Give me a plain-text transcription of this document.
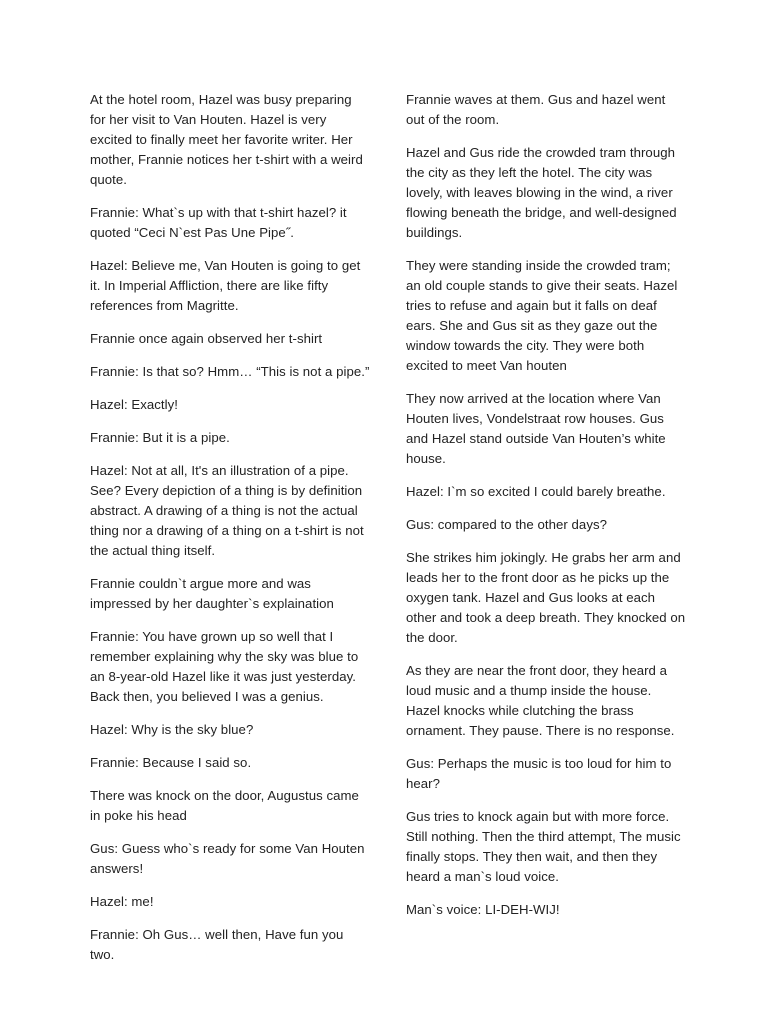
At the hotel room, Hazel was busy preparing for her visit to Van Houten. Hazel is very excited to finally meet her favorite writer. Her mother, Frannie notices her t-shirt with a weird quote.

Frannie: What`s up with that t-shirt hazel? it quoted “Ceci N`est Pas Une Pipe˝.

Hazel: Believe me, Van Houten is going to get it. In Imperial Affliction, there are like fifty references from Magritte.

Frannie once again observed her t-shirt

Frannie: Is that so? Hmm… “This is not a pipe.”

Hazel: Exactly!

Frannie: But it is a pipe.

Hazel: Not at all, It's an illustration of a pipe. See? Every depiction of a thing is by definition abstract. A drawing of a thing is not the actual thing nor a drawing of a thing on a t-shirt is not the actual thing itself.

Frannie couldn`t argue more and was impressed by her daughter`s explaination

Frannie: You have grown up so well that I remember explaining why the sky was blue to an 8-year-old Hazel like it was just yesterday. Back then, you believed I was a genius.

Hazel: Why is the sky blue?

Frannie: Because I said so.

There was knock on the door, Augustus came in poke his head

Gus: Guess who`s ready for some Van Houten answers!

Hazel: me!

Frannie: Oh Gus… well then, Have fun you two.

Frannie waves at them. Gus and hazel went out of the room.

Hazel and Gus ride the crowded tram through the city as they left the hotel. The city was lovely, with leaves blowing in the wind, a river flowing beneath the bridge, and well-designed buildings.

They were standing inside the crowded tram; an old couple stands to give their seats. Hazel tries to refuse and again but it falls on deaf ears. She and Gus sit as they gaze out the window towards the city. They were both excited to meet Van houten

They now arrived at the location where Van Houten lives, Vondelstraat row houses. Gus and Hazel stand outside Van Houten’s white house.

Hazel: I`m so excited I could barely breathe.

Gus: compared to the other days?

She strikes him jokingly. He grabs her arm and leads her to the front door as he picks up the oxygen tank. Hazel and Gus looks at each other and took a deep breath. They knocked on the door.

As they are near the front door, they heard a loud music and a thump inside the house. Hazel knocks while clutching the brass ornament. They pause. There is no response.

Gus: Perhaps the music is too loud for him to hear?

Gus tries to knock again but with more force. Still nothing. Then the third attempt, The music finally stops. They then wait, and then they heard a man`s loud voice.

Man`s voice: LI-DEH-WIJ!
